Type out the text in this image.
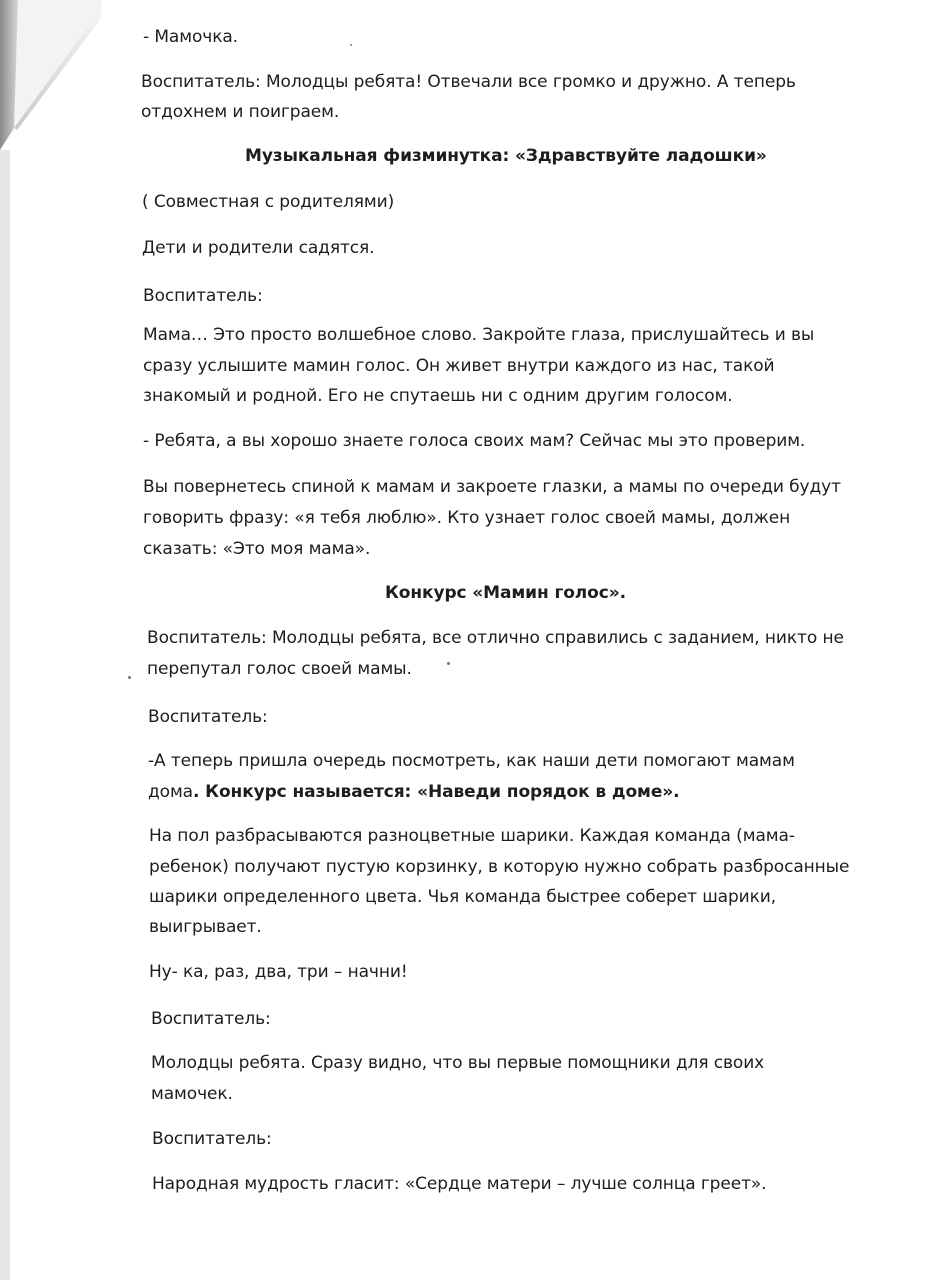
- Мамочка.

Воспитатель: Молодцы ребята! Отвечали все громко и дружно. А теперь

отдохнем и поиграем.

Музыкальная физминутка: «Здравствуйте ладошки»

( Совместная с родителями)

Дети и родители садятся.

Воспитатель:

Мама… Это просто волшебное слово. Закройте глаза, прислушайтесь и вы

сразу услышите мамин голос. Он живет внутри каждого из нас, такой

знакомый и родной. Его не спутаешь ни с одним другим голосом.

- Ребята, а вы хорошо знаете голоса своих мам? Сейчас мы это проверим.

Вы повернетесь спиной к мамам и закроете глазки, а мамы по очереди будут

говорить фразу: «я тебя люблю». Кто узнает голос своей мамы, должен

сказать: «Это моя мама».

Конкурс «Мамин голос».

Воспитатель: Молодцы ребята, все отлично справились с заданием, никто не

перепутал голос своей мамы.

Воспитатель:

-А теперь пришла очередь посмотреть, как наши дети помогают мамам

дома. Конкурс называется: «Наведи порядок в доме».

На пол разбрасываются разноцветные шарики. Каждая команда (мама-

ребенок) получают пустую корзинку, в которую нужно собрать разбросанные

шарики определенного цвета. Чья команда быстрее соберет шарики,

выигрывает.

Ну- ка, раз, два, три – начни!

Воспитатель:

Молодцы ребята. Сразу видно, что вы первые помощники для своих

мамочек.

Воспитатель:

Народная мудрость гласит: «Сердце матери – лучше солнца греет».
